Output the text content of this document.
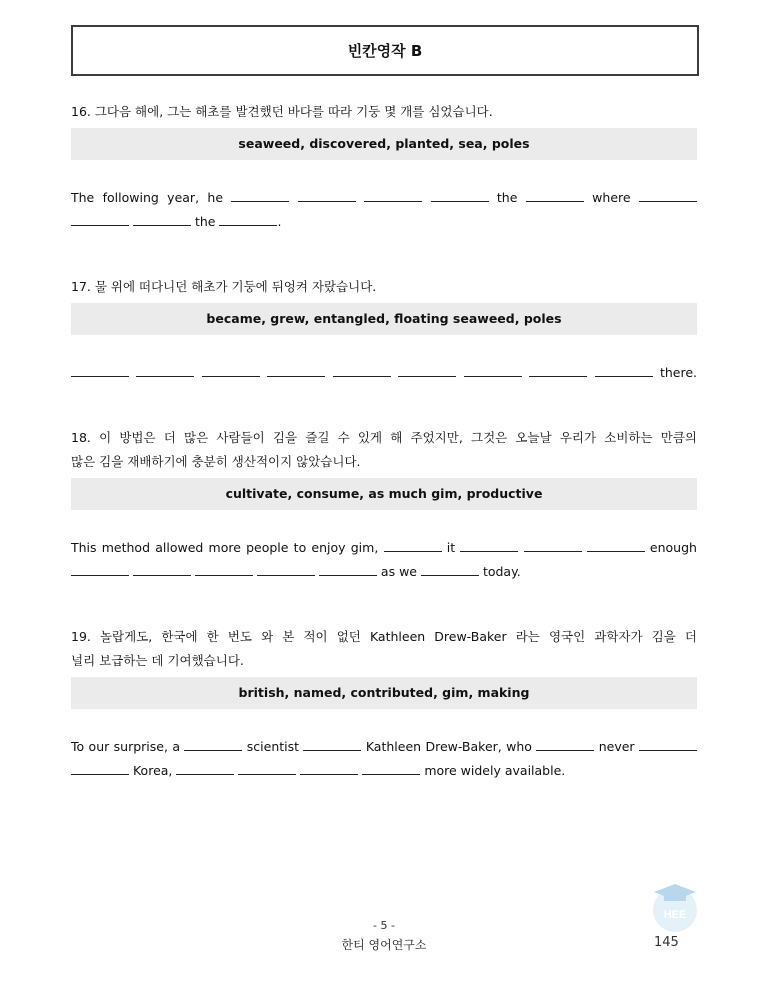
빈칸영작 B

16. 그다음 해에, 그는 해초를 발견했던 바다를 따라 기둥 몇 개를 심었습니다.

seaweed, discovered, planted, sea, poles
The following year, he	the	where
the	.

17. 물 위에 떠다니던 해초가 기둥에 뒤엉켜 자랐습니다.

became, grew, entangled, floating seaweed, poles
there.

18. 이 방법은 더 많은 사람들이 김을 즐길 수 있게 해 주었지만, 그것은 오늘날 우리가 소비하는 만큼의
많은 김을 재배하기에 충분히 생산적이지 않았습니다.

cultivate, consume, as much gim, productive
This method allowed more people to enjoy gim,	it	enough
as we	today.

19. 놀랍게도, 한국에 한 번도 와 본 적이 없던 Kathleen Drew-Baker 라는 영국인 과학자가 김을 더
널리 보급하는 데 기여했습니다.

british, named, contributed, gim, making
To our surprise, a	scientist	Kathleen Drew-Baker, who	never
Korea,	more widely available.
- 5 -
한티 영어연구소
HEE
145
